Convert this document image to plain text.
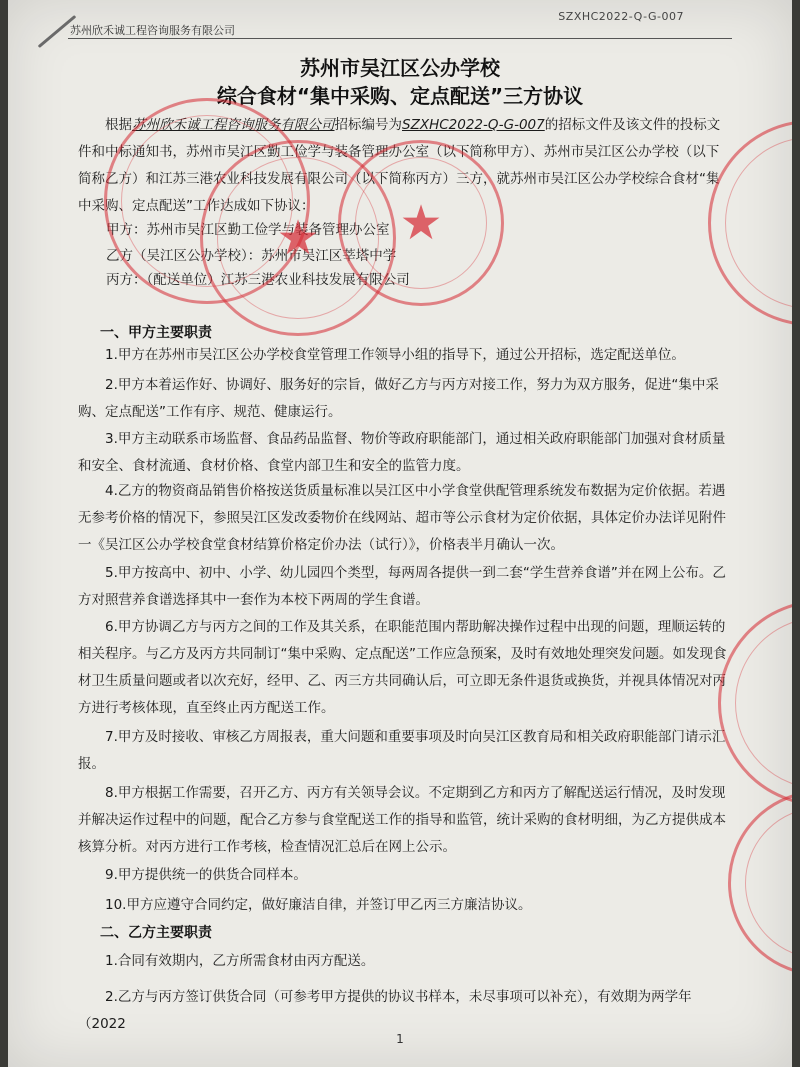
苏州欣禾诚工程咨询服务有限公司
SZXHC2022-Q-G-007
苏州市吴江区公办学校
综合食材“集中采购、定点配送”三方协议

根据苏州欣禾诚工程咨询服务有限公司招标编号为SZXHC2022-Q-G-007的招标文件及该文件的投标文件和中标通知书，苏州市吴江区勤工俭学与装备管理办公室（以下简称甲方）、苏州市吴江区公办学校（以下简称乙方）和江苏三港农业科技发展有限公司（以下简称丙方）三方，就苏州市吴江区公办学校综合食材“集中采购、定点配送”工作达成如下协议：

甲方：苏州市吴江区勤工俭学与装备管理办公室
乙方（吴江区公办学校）：苏州市吴江区莘塔中学
丙方：（配送单位）江苏三港农业科技发展有限公司
一、甲方主要职责

1.甲方在苏州市吴江区公办学校食堂管理工作领导小组的指导下，通过公开招标，选定配送单位。

2.甲方本着运作好、协调好、服务好的宗旨，做好乙方与丙方对接工作，努力为双方服务，促进“集中采购、定点配送”工作有序、规范、健康运行。

3.甲方主动联系市场监督、食品药品监督、物价等政府职能部门，通过相关政府职能部门加强对食材质量和安全、食材流通、食材价格、食堂内部卫生和安全的监管力度。

4.乙方的物资商品销售价格按送货质量标准以吴江区中小学食堂供配管理系统发布数据为定价依据。若遇无参考价格的情况下，参照吴江区发改委物价在线网站、超市等公示食材为定价依据，具体定价办法详见附件一《吴江区公办学校食堂食材结算价格定价办法（试行）》，价格表半月确认一次。

5.甲方按高中、初中、小学、幼儿园四个类型，每两周各提供一到二套“学生营养食谱”并在网上公布。乙方对照营养食谱选择其中一套作为本校下两周的学生食谱。

6.甲方协调乙方与丙方之间的工作及其关系，在职能范围内帮助解决操作过程中出现的问题，理顺运转的相关程序。与乙方及丙方共同制订“集中采购、定点配送”工作应急预案，及时有效地处理突发问题。如发现食材卫生质量问题或者以次充好，经甲、乙、丙三方共同确认后，可立即无条件退货或换货，并视具体情况对丙方进行考核体现，直至终止丙方配送工作。

7.甲方及时接收、审核乙方周报表，重大问题和重要事项及时向吴江区教育局和相关政府职能部门请示汇报。

8.甲方根据工作需要，召开乙方、丙方有关领导会议。不定期到乙方和丙方了解配送运行情况，及时发现并解决运作过程中的问题，配合乙方参与食堂配送工作的指导和监管，统计采购的食材明细，为乙方提供成本核算分析。对丙方进行工作考核，检查情况汇总后在网上公示。

9.甲方提供统一的供货合同样本。

10.甲方应遵守合同约定，做好廉洁自律，并签订甲乙丙三方廉洁协议。

二、乙方主要职责

1.合同有效期内，乙方所需食材由丙方配送。

2.乙方与丙方签订供货合同（可参考甲方提供的协议书样本，未尽事项可以补充），有效期为两学年（2022

1
★ ★
